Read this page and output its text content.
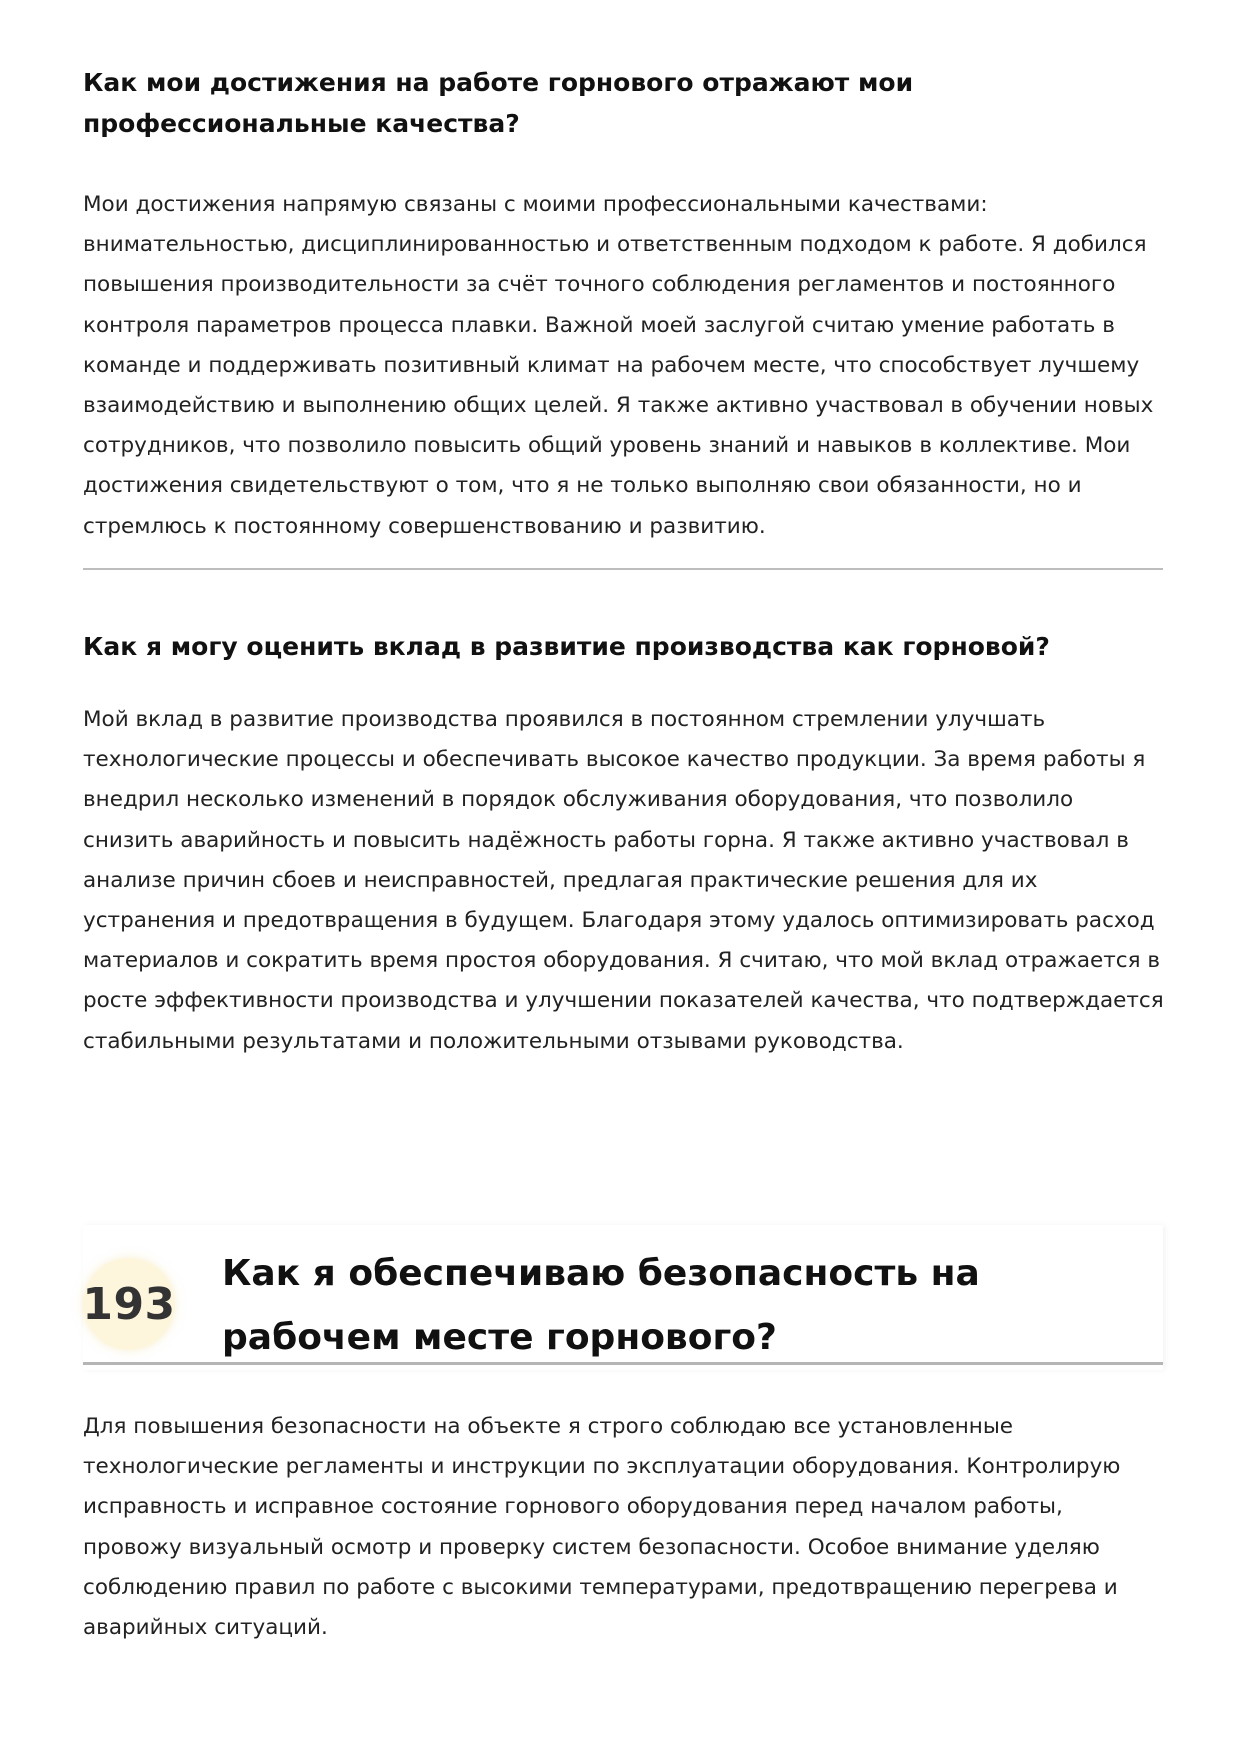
Как мои достижения на работе горнового отражают мои профессиональные качества?

Мои достижения напрямую связаны с моими профессиональными качествами: внимательностью, дисциплинированностью и ответственным подходом к работе. Я добился повышения производительности за счёт точного соблюдения регламентов и постоянного контроля параметров процесса плавки. Важной моей заслугой считаю умение работать в команде и поддерживать позитивный климат на рабочем месте, что способствует лучшему взаимодействию и выполнению общих целей. Я также активно участвовал в обучении новых сотрудников, что позволило повысить общий уровень знаний и навыков в коллективе. Мои достижения свидетельствуют о том, что я не только выполняю свои обязанности, но и стремлюсь к постоянному совершенствованию и развитию.

Как я могу оценить вклад в развитие производства как горновой?

Мой вклад в развитие производства проявился в постоянном стремлении улучшать технологические процессы и обеспечивать высокое качество продукции. За время работы я внедрил несколько изменений в порядок обслуживания оборудования, что позволило снизить аварийность и повысить надёжность работы горна. Я также активно участвовал в анализе причин сбоев и неисправностей, предлагая практические решения для их устранения и предотвращения в будущем. Благодаря этому удалось оптимизировать расход материалов и сократить время простоя оборудования. Я считаю, что мой вклад отражается в росте эффективности производства и улучшении показателей качества, что подтверждается стабильными результатами и положительными отзывами руководства.

193
Как я обеспечиваю безопасность на рабочем месте горнового?

Для повышения безопасности на объекте я строго соблюдаю все установленные технологические регламенты и инструкции по эксплуатации оборудования. Контролирую исправность и исправное состояние горнового оборудования перед началом работы, провожу визуальный осмотр и проверку систем безопасности. Особое внимание уделяю соблюдению правил по работе с высокими температурами, предотвращению перегрева и аварийных ситуаций.
